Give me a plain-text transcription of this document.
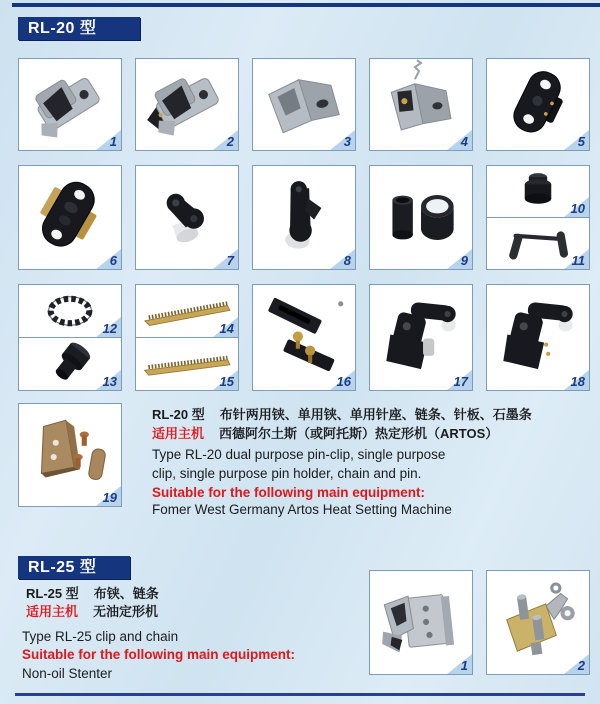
RL-20 型
1	2	3	4	5
6	7	8	9
10
11
12
13
14
15	16	17	18
19
RL-20 型 布针两用铗、单用铗、单用针座、链条、针板、石墨条
适用主机 西德阿尔土斯（或阿托斯）热定形机（ARTOS）
Type RL-20 dual purpose pin-clip, single purpose
clip, single purpose pin holder, chain and pin.
Suitable for the following main equipment:
Fomer West Germany Artos Heat Setting Machine
RL-25 型
RL-25 型 布铗、链条
适用主机 无油定形机
Type RL-25 clip and chain
Suitable for the following main equipment:
Non-oil Stenter
1	2
